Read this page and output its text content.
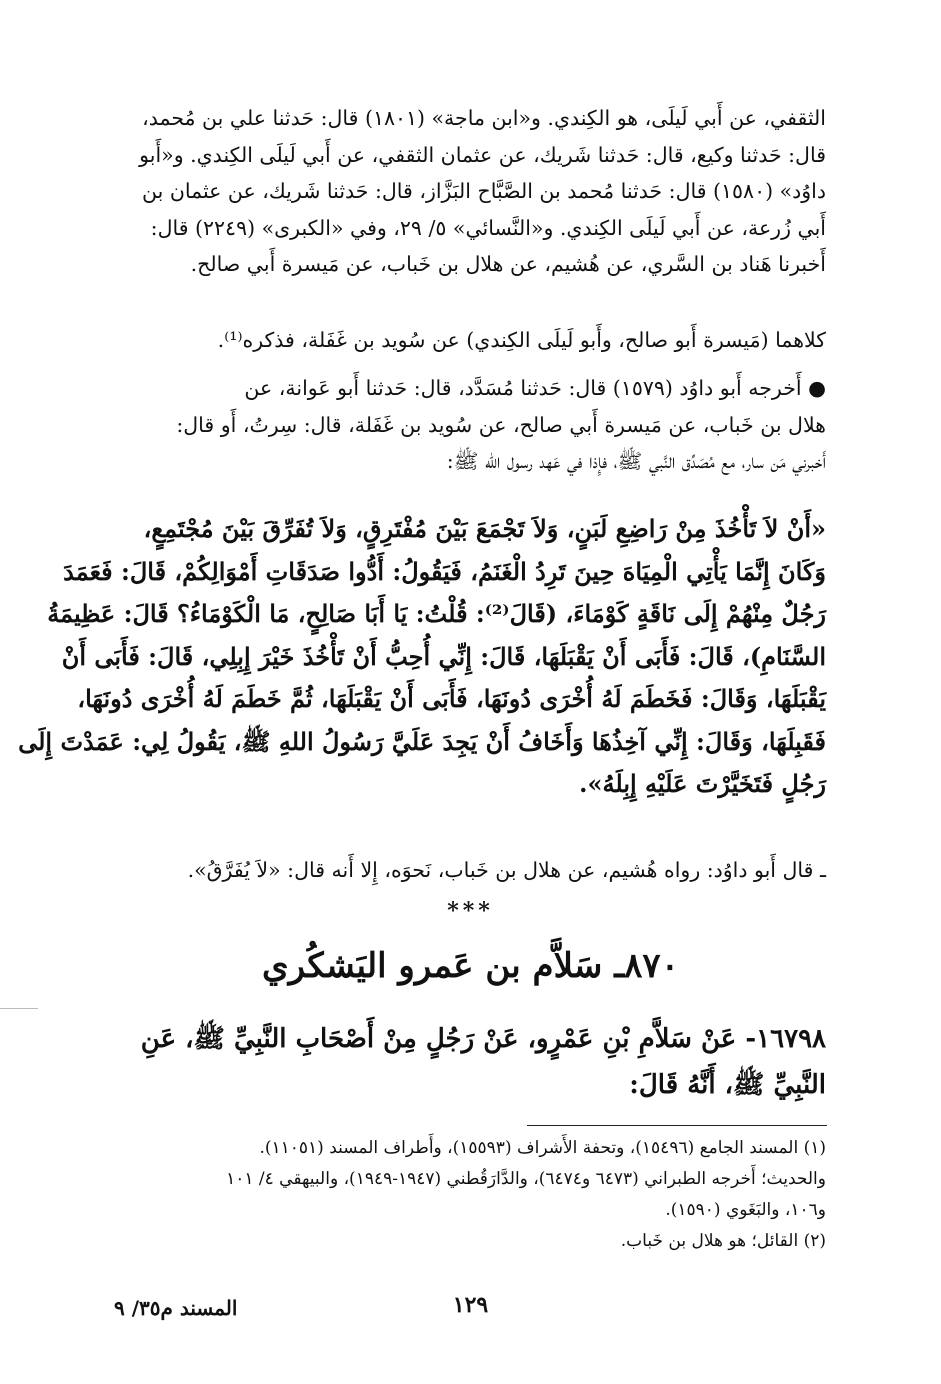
الثقفي، عن أَبي لَيلَى، هو الكِندي. و«ابن ماجة» (١٨٠١) قال: حَدثنا علي بن مُحمد،
قال: حَدثنا وكيع، قال: حَدثنا شَريك، عن عثمان الثقفي، عن أَبي لَيلَى الكِندي. و«أَبو
داوُد» (١٥٨٠) قال: حَدثنا مُحمد بن الصَّبَّاح البَزَّاز، قال: حَدثنا شَريك، عن عثمان بن
أَبي زُرعة، عن أَبي لَيلَى الكِندي. و«النَّسائي» ٥/ ٢٩، وفي «الكبرى» (٢٢٤٩) قال:
أَخبرنا هَناد بن السَّري، عن هُشيم، عن هلال بن خَباب، عن مَيسرة أَبي صالح.
كلاهما (مَيسرة أَبو صالح، وأَبو لَيلَى الكِندي) عن سُويد بن غَفَلة، فذكره⁽¹⁾.
● أَخرجه أَبو داوُد (١٥٧٩) قال: حَدثنا مُسَدَّد، قال: حَدثنا أَبو عَوانة، عن
هلال بن خَباب، عن مَيسرة أَبي صالح، عن سُويد بن غَفَلة، قال: سِرتُ، أَو قال:
أَخبرني مَن سار، مع مُصَدِّق النَّبي ﷺ، فإِذا في عَهد رسول الله ﷺ:
«أَنْ لاَ تَأْخُذَ مِنْ رَاضِعِ لَبَنٍ، وَلاَ تَجْمَعَ بَيْنَ مُفْتَرِقٍ، وَلاَ تُفَرِّقَ بَيْنَ مُجْتَمِعٍ،
وَكَانَ إِنَّمَا يَأْتِي الْمِيَاهَ حِينَ تَرِدُ الْغَنَمُ، فَيَقُولُ: أَدُّوا صَدَقَاتِ أَمْوَالِكُمْ، قَالَ: فَعَمَدَ
رَجُلٌ مِنْهُمْ إِلَى نَاقَةٍ كَوْمَاءَ، (قَالَ⁽²⁾: قُلْتُ: يَا أَبَا صَالِحٍ، مَا الْكَوْمَاءُ؟ قَالَ: عَظِيمَةُ
السَّنَامِ)، قَالَ: فَأَبَى أَنْ يَقْبَلَهَا، قَالَ: إِنِّي أُحِبُّ أَنْ تَأْخُذَ خَيْرَ إِبِلِي، قَالَ: فَأَبَى أَنْ
يَقْبَلَهَا، وَقَالَ: فَخَطَمَ لَهُ أُخْرَى دُونَهَا، فَأَبَى أَنْ يَقْبَلَهَا، ثُمَّ خَطَمَ لَهُ أُخْرَى دُونَهَا،
فَقَبِلَهَا، وَقَالَ: إِنِّي آخِذُهَا وَأَخَافُ أَنْ يَجِدَ عَلَيَّ رَسُولُ اللهِ ﷺ، يَقُولُ لِي: عَمَدْتَ إِلَى
رَجُلٍ فَتَخَيَّرْتَ عَلَيْهِ إِبِلَهُ».
ـ قال أَبو داوُد: رواه هُشيم، عن هلال بن خَباب، نَحوَه، إِلا أَنه قال: «لاَ يُفَرَّقُ».
***
٨٧٠ـ سَلاَّم بن عَمرو اليَشكُري
١٦٧٩٨- عَنْ سَلاَّمِ بْنِ عَمْرٍو، عَنْ رَجُلٍ مِنْ أَصْحَابِ النَّبِيِّ ﷺ، عَنِ
النَّبِيِّ ﷺ، أَنَّهُ قَالَ:
(١) المسند الجامع (١٥٤٩٦)، وتحفة الأَشراف (١٥٥٩٣)، وأَطراف المسند (١١٠٥١).
والحديث؛ أَخرجه الطبراني (٦٤٧٣ و٦٤٧٤)، والدَّارَقُطني (١٩٤٧-١٩٤٩)، والبيهقي ٤/ ١٠١
و١٠٦، والبَغَوي (١٥٩٠).
(٢) القائل؛ هو هلال بن خَباب.
١٢٩
المسند م٣٥/ ٩
